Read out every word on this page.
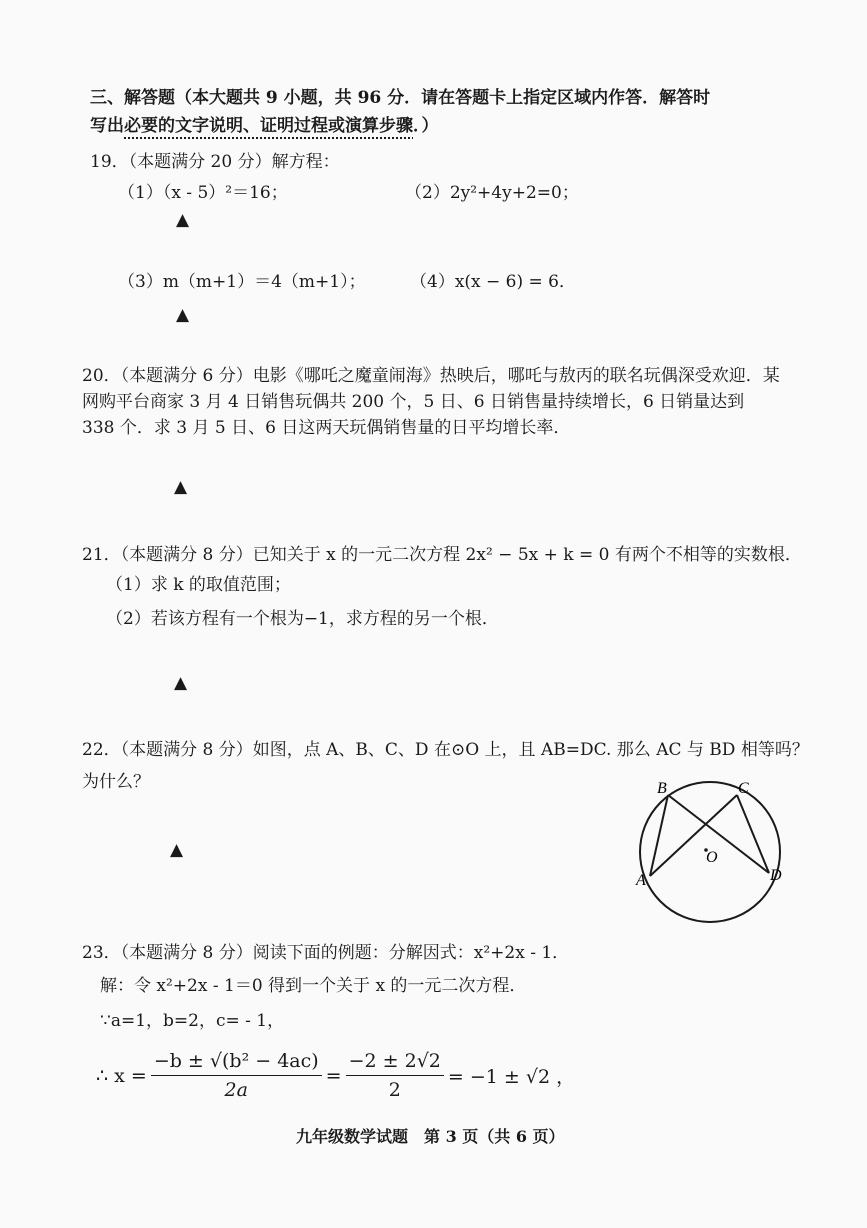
三、解答题（本大题共 9 小题，共 96 分．请在答题卡上指定区域内作答．解答时
写出必要的文字说明、证明过程或演算步骤．）
19．（本题满分 20 分）解方程：
（1）（x - 5）²＝16；	（2）2y²+4y+2=0；
▲
（3）m（m+1）＝4（m+1）；	（4）x(x − 6) = 6．
▲
20．（本题满分 6 分）电影《哪吒之魔童闹海》热映后，哪吒与敖丙的联名玩偶深受欢迎．某
网购平台商家 3 月 4 日销售玩偶共 200 个，5 日、6 日销售量持续增长，6 日销量达到
338 个．求 3 月 5 日、6 日这两天玩偶销售量的日平均增长率．
▲
21．（本题满分 8 分）已知关于 x 的一元二次方程 2x² − 5x + k = 0 有两个不相等的实数根．
（1）求 k 的取值范围；
（2）若该方程有一个根为−1，求方程的另一个根．
▲
22．（本题满分 8 分）如图，点 A、B、C、D 在⊙O 上，且 AB=DC. 那么 AC 与 BD 相等吗？
为什么？
▲
B	C
A	D
O
23．（本题满分 8 分）阅读下面的例题：分解因式：x²+2x - 1．
解：令 x²+2x - 1＝0 得到一个关于 x 的一元二次方程．
∵a=1，b=2，c= - 1，
∴ $x = \frac{\text{−b ± √(b² − 4ac)}}{2a} = \frac{-2 \pm 2√2}{2} = -1 \pm √2$ ，
九年级数学试题　第 3 页（共 6 页）
